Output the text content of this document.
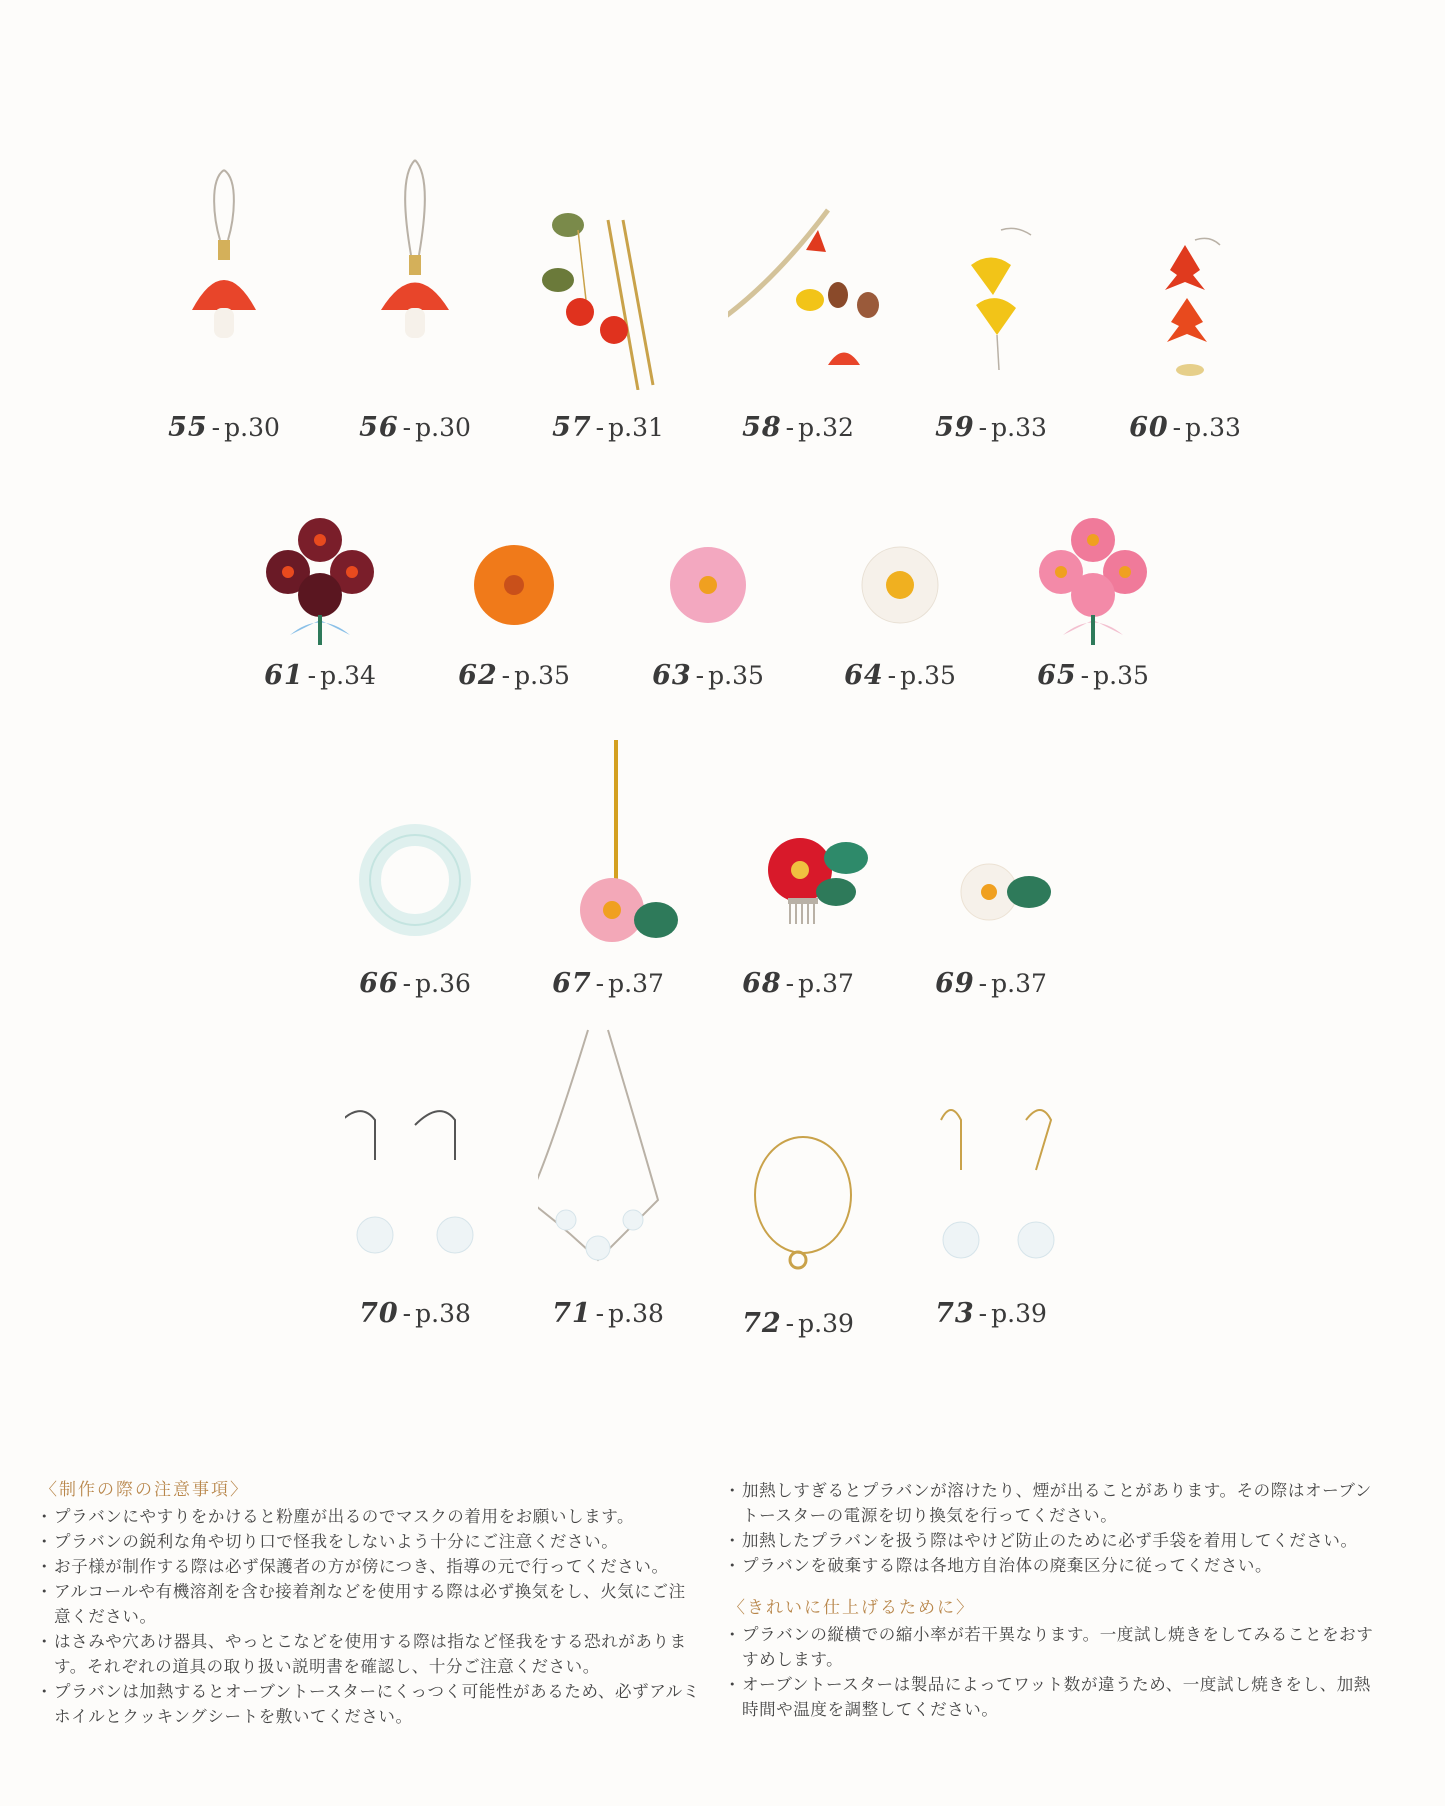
55 - p.30	56 - p.30	57 - p.31	58 - p.32	59 - p.33	60 - p.33
61 - p.34	62 - p.35	63 - p.35	64 - p.35	65 - p.35
66 - p.36	67 - p.37	68 - p.37	69 - p.37
70 - p.38	71 - p.38	72 - p.39	73 - p.39
〈制作の際の注意事項〉
・ プラバンにやすりをかけると粉塵が出るのでマスクの着用をお願いします。
・ プラバンの鋭利な角や切り口で怪我をしないよう十分にご注意ください。
・ お子様が制作する際は必ず保護者の方が傍につき、指導の元で行ってください。
・ アルコールや有機溶剤を含む接着剤などを使用する際は必ず換気をし、火気にご注意ください。
・ はさみや穴あけ器具、やっとこなどを使用する際は指など怪我をする恐れがあります。それぞれの道具の取り扱い説明書を確認し、十分ご注意ください。
・ プラバンは加熱するとオーブントースターにくっつく可能性があるため、必ずアルミホイルとクッキングシートを敷いてください。
・ 加熱しすぎるとプラバンが溶けたり、煙が出ることがあります。その際はオーブントースターの電源を切り換気を行ってください。
・ 加熱したプラバンを扱う際はやけど防止のために必ず手袋を着用してください。
・ プラバンを破棄する際は各地方自治体の廃棄区分に従ってください。
〈きれいに仕上げるために〉
・ プラバンの縦横での縮小率が若干異なります。一度試し焼きをしてみることをおすすめします。
・ オーブントースターは製品によってワット数が違うため、一度試し焼きをし、加熱時間や温度を調整してください。
